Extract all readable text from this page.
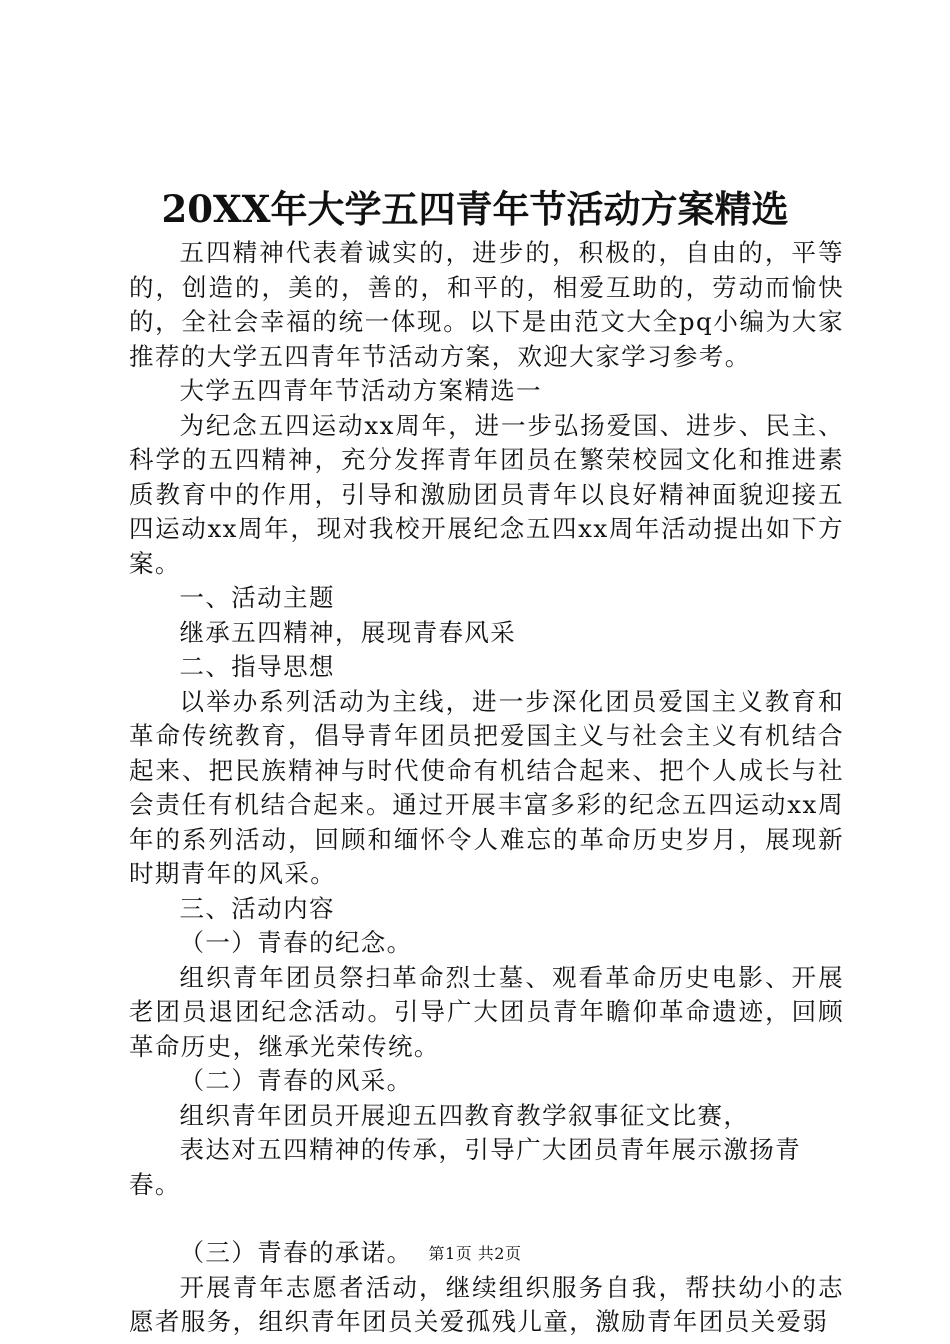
20XX年大学五四青年节活动方案精选

五四精神代表着诚实的，进步的，积极的，自由的，平等的，创造的，美的，善的，和平的，相爱互助的，劳动而愉快的，全社会幸福的统一体现。以下是由范文大全pq小编为大家推荐的大学五四青年节活动方案，欢迎大家学习参考。

大学五四青年节活动方案精选一

为纪念五四运动xx周年，进一步弘扬爱国、进步、民主、科学的五四精神，充分发挥青年团员在繁荣校园文化和推进素质教育中的作用，引导和激励团员青年以良好精神面貌迎接五四运动xx周年，现对我校开展纪念五四xx周年活动提出如下方案。

一、活动主题

继承五四精神，展现青春风采

二、指导思想

以举办系列活动为主线，进一步深化团员爱国主义教育和革命传统教育，倡导青年团员把爱国主义与社会主义有机结合起来、把民族精神与时代使命有机结合起来、把个人成长与社会责任有机结合起来。通过开展丰富多彩的纪念五四运动xx周年的系列活动，回顾和缅怀令人难忘的革命历史岁月，展现新时期青年的风采。

三、活动内容

（一）青春的纪念。

组织青年团员祭扫革命烈士墓、观看革命历史电影、开展老团员退团纪念活动。引导广大团员青年瞻仰革命遗迹，回顾革命历史，继承光荣传统。

（二）青春的风采。

组织青年团员开展迎五四教育教学叙事征文比赛，

表达对五四精神的传承，引导广大团员青年展示激扬青春。

（三）青春的承诺。

开展青年志愿者活动，继续组织服务自我，帮扶幼小的志愿者服务，组织青年团员关爱孤残儿童，激励青年团员关爱弱

第1页 共2页
